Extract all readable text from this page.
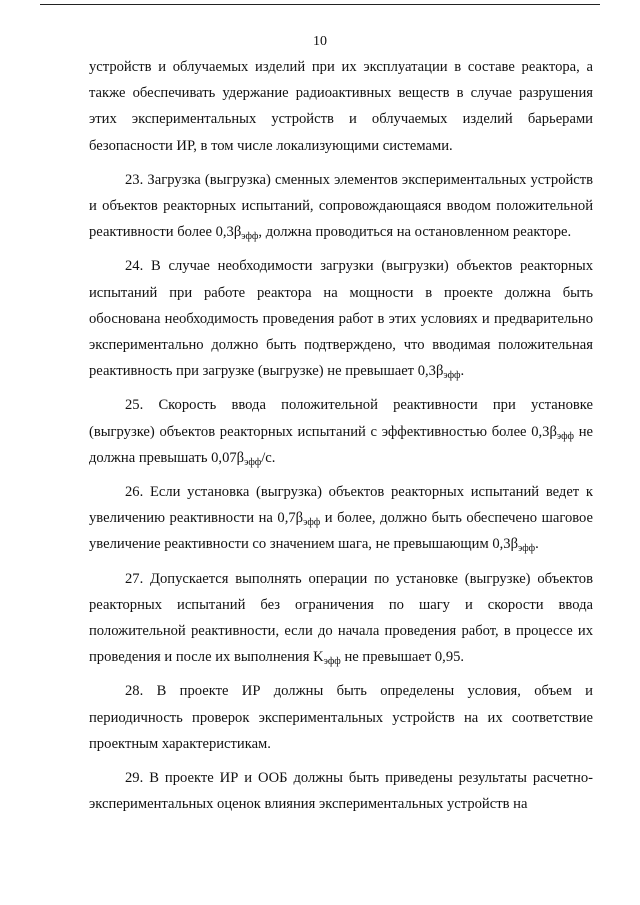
10

устройств и облучаемых изделий при их эксплуатации в составе реактора, а также обеспечивать удержание радиоактивных веществ в случае разрушения этих экспериментальных устройств и облучаемых изделий барьерами безопасности ИР, в том числе локализующими системами.

23. Загрузка (выгрузка) сменных элементов экспериментальных устройств и объектов реакторных испытаний, сопровождающаяся вводом положительной реактивности более $0,3\beta_{эфф}$, должна проводиться на остановленном реакторе.

24. В случае необходимости загрузки (выгрузки) объектов реакторных испытаний при работе реактора на мощности в проекте должна быть обоснована необходимость проведения работ в этих условиях и предварительно экспериментально должно быть подтверждено, что вводимая положительная реактивность при загрузке (выгрузке) не превышает $0,3\beta_{эфф}$.

25. Скорость ввода положительной реактивности при установке (выгрузке) объектов реакторных испытаний с эффективностью более $0,3\beta_{эфф}$ не должна превышать $0,07\beta_{эфф}/с$.

26. Если установка (выгрузка) объектов реакторных испытаний ведет к увеличению реактивности на $0,7\beta_{эфф}$ и более, должно быть обеспечено шаговое увеличение реактивности со значением шага, не превышающим $0,3\beta_{эфф}$.

27. Допускается выполнять операции по установке (выгрузке) объектов реакторных испытаний без ограничения по шагу и скорости ввода положительной реактивности, если до начала проведения работ, в процессе их проведения и после их выполнения $K_{эфф}$ не превышает 0,95.

28. В проекте ИР должны быть определены условия, объем и периодичность проверок экспериментальных устройств на их соответствие проектным характеристикам.

29. В проекте ИР и ООБ должны быть приведены результаты расчетно-экспериментальных оценок влияния экспериментальных устройств на
